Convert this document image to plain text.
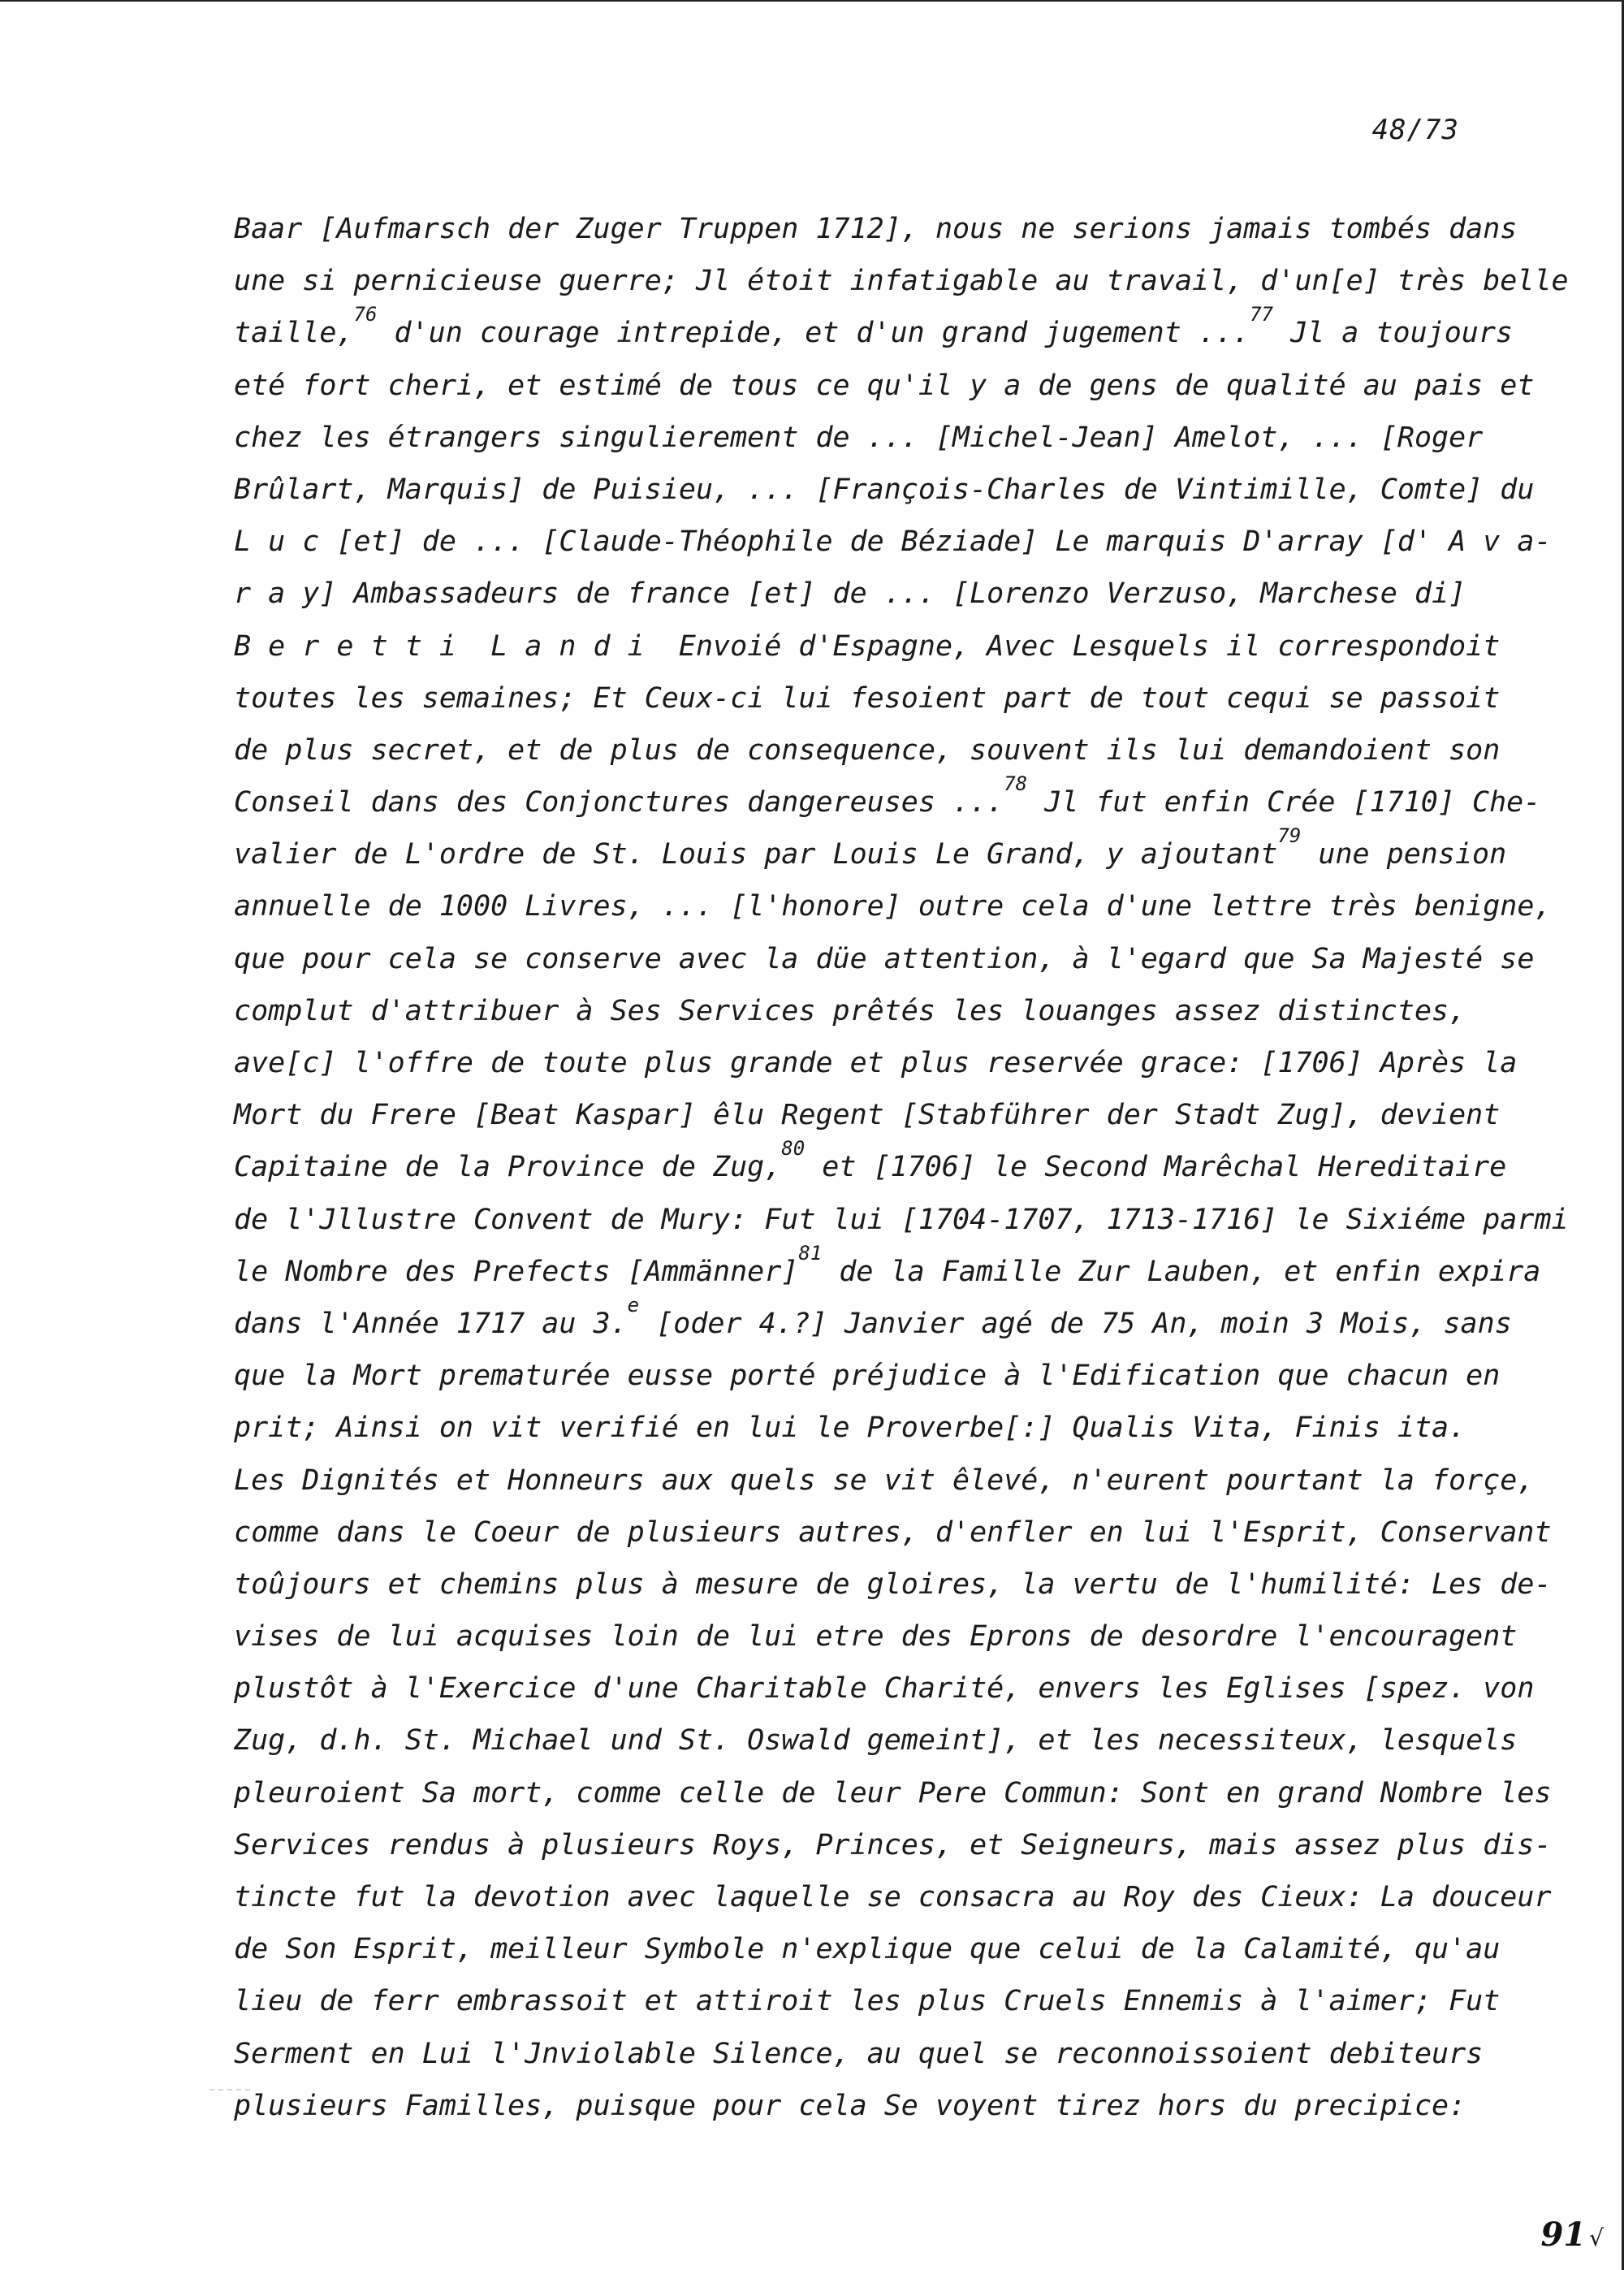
48/73
Baar [Aufmarsch der Zuger Truppen 1712], nous ne serions jamais tombés dans
une si pernicieuse guerre; Jl étoit infatigable au travail, d'un[e] très belle
taille,$^{76}$ d'un courage intrepide, et d'un grand jugement ...$^{77}$ Jl a toujours
eté fort cheri, et estimé de tous ce qu'il y a de gens de qualité au pais et
chez les étrangers singulierement de ... [Michel-Jean] Amelot, ... [Roger
Brûlart, Marquis] de Puisieu, ... [François-Charles de Vintimille, Comte] du
L u c [et] de ... [Claude-Théophile de Béziade] Le marquis D'array [d' A v a-
r a y] Ambassadeurs de france [et] de ... [Lorenzo Verzuso, Marchese di]
B e r e t t i  L a n d i  Envoié d'Espagne, Avec Lesquels il correspondoit
toutes les semaines; Et Ceux-ci lui fesoient part de tout cequi se passoit
de plus secret, et de plus de consequence, souvent ils lui demandoient son
Conseil dans des Conjonctures dangereuses ...$^{78}$ Jl fut enfin Crée [1710] Che-
valier de L'ordre de St. Louis par Louis Le Grand, y ajoutant$^{79}$ une pension
annuelle de 1000 Livres, ... [l'honore] outre cela d'une lettre très benigne,
que pour cela se conserve avec la düe attention, à l'egard que Sa Majesté se
complut d'attribuer à Ses Services prêtés les louanges assez distinctes,
ave[c] l'offre de toute plus grande et plus reservée grace: [1706] Après la
Mort du Frere [Beat Kaspar] êlu Regent [Stabführer der Stadt Zug], devient
Capitaine de la Province de Zug,$^{80}$ et [1706] le Second Marêchal Hereditaire
de l'Jllustre Convent de Mury: Fut lui [1704-1707, 1713-1716] le Sixiéme parmi
le Nombre des Prefects [Ammänner]$^{81}$ de la Famille Zur Lauben, et enfin expira
dans l'Année 1717 au 3.$^e$ [oder 4.?] Janvier agé de 75 An, moin 3 Mois, sans
que la Mort prematurée eusse porté préjudice à l'Edification que chacun en
prit; Ainsi on vit verifié en lui le Proverbe[:] Qualis Vita, Finis ita.
Les Dignités et Honneurs aux quels se vit êlevé, n'eurent pourtant la forçe,
comme dans le Coeur de plusieurs autres, d'enfler en lui l'Esprit, Conservant
toûjours et chemins plus à mesure de gloires, la vertu de l'humilité: Les de-
vises de lui acquises loin de lui etre des Eprons de desordre l'encouragent
plustôt à l'Exercice d'une Charitable Charité, envers les Eglises [spez. von
Zug, d.h. St. Michael und St. Oswald gemeint], et les necessiteux, lesquels
pleuroient Sa mort, comme celle de leur Pere Commun: Sont en grand Nombre les
Services rendus à plusieurs Roys, Princes, et Seigneurs, mais assez plus dis-
tincte fut la devotion avec laquelle se consacra au Roy des Cieux: La douceur
de Son Esprit, meilleur Symbole n'explique que celui de la Calamité, qu'au
lieu de ferr embrassoit et attiroit les plus Cruels Ennemis à l'aimer; Fut
Serment en Lui l'Jnviolable Silence, au quel se reconnoissoient debiteurs
plusieurs Familles, puisque pour cela Se voyent tirez hors du precipice:
91 √
